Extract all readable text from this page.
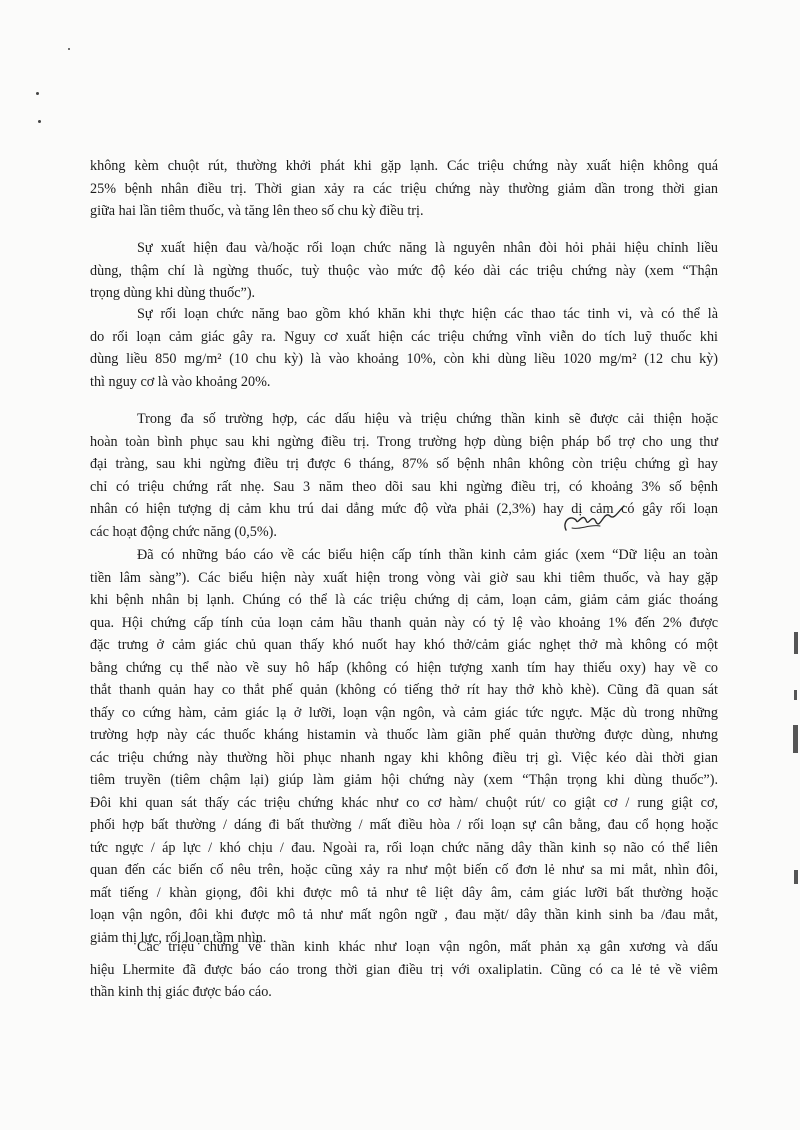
không kèm chuột rút, thường khởi phát khi gặp lạnh. Các triệu chứng này xuất hiện không quá
25% bệnh nhân điều trị. Thời gian xảy ra các triệu chứng này thường giảm dần trong thời gian
giữa hai lần tiêm thuốc, và tăng lên theo số chu kỳ điều trị.
Sự xuất hiện đau và/hoặc rối loạn chức năng là nguyên nhân đòi hỏi phải hiệu chỉnh liều
dùng, thậm chí là ngừng thuốc, tuỳ thuộc vào mức độ kéo dài các triệu chứng này (xem “Thận
trọng dùng khi dùng thuốc”).
Sự rối loạn chức năng bao gồm khó khăn khi thực hiện các thao tác tinh vi, và có thể là
do rối loạn cảm giác gây ra. Nguy cơ xuất hiện các triệu chứng vĩnh viễn do tích luỹ thuốc khi
dùng liều 850 mg/m² (10 chu kỳ) là vào khoảng 10%, còn khi dùng liều 1020 mg/m² (12 chu kỳ)
thì nguy cơ là vào khoảng 20%.
Trong đa số trường hợp, các dấu hiệu và triệu chứng thần kinh sẽ được cải thiện hoặc
hoàn toàn bình phục sau khi ngừng điều trị. Trong trường hợp dùng biện pháp bổ trợ cho ung thư
đại tràng, sau khi ngừng điều trị được 6 tháng, 87% số bệnh nhân không còn triệu chứng gì hay
chỉ có triệu chứng rất nhẹ. Sau 3 năm theo dõi sau khi ngừng điều trị, có khoảng 3% số bệnh
nhân có hiện tượng dị cảm khu trú dai dẳng mức độ vừa phải (2,3%) hay dị cảm có gây rối loạn
các hoạt động chức năng (0,5%).
Đã có những báo cáo về các biểu hiện cấp tính thần kinh cảm giác (xem “Dữ liệu an toàn
tiền lâm sàng”). Các biểu hiện này xuất hiện trong vòng vài giờ sau khi tiêm thuốc, và hay gặp
khi bệnh nhân bị lạnh. Chúng có thể là các triệu chứng dị cảm, loạn cảm, giảm cảm giác thoáng
qua. Hội chứng cấp tính của loạn cảm hầu thanh quản này có tỷ lệ vào khoảng 1% đến 2% được
đặc trưng ở cảm giác chủ quan thấy khó nuốt hay khó thở/cảm giác nghẹt thở mà không có một
bằng chứng cụ thể nào về suy hô hấp (không có hiện tượng xanh tím hay thiếu oxy) hay về co
thắt thanh quản hay co thắt phế quản (không có tiếng thở rít hay thở khò khè). Cũng đã quan sát
thấy co cứng hàm, cảm giác lạ ở lưỡi, loạn vận ngôn, và cảm giác tức ngực. Mặc dù trong những
trường hợp này các thuốc kháng histamin và thuốc làm giãn phế quản thường được dùng, nhưng
các triệu chứng này thường hồi phục nhanh ngay khi không điều trị gì. Việc kéo dài thời gian
tiêm truyền (tiêm chậm lại) giúp làm giảm hội chứng này (xem “Thận trọng khi dùng thuốc”).
Đôi khi quan sát thấy các triệu chứng khác như co cơ hàm/ chuột rút/ co giật cơ / rung giật cơ,
phối hợp bất thường / dáng đi bất thường / mất điều hòa / rối loạn sự cân bằng, đau cổ họng hoặc
tức ngực / áp lực / khó chịu / đau. Ngoài ra, rối loạn chức năng dây thần kinh sọ não có thể liên
quan đến các biến cố nêu trên, hoặc cũng xảy ra như một biến cố đơn lẻ như sa mi mắt, nhìn đôi,
mất tiếng / khàn giọng, đôi khi được mô tả như tê liệt dây âm, cảm giác lưỡi bất thường hoặc
loạn vận ngôn, đôi khi được mô tả như mất ngôn ngữ , đau mặt/ dây thần kinh sinh ba /đau mắt,
giảm thị lực, rối loạn tầm nhìn.
Các triệu chứng về thần kinh khác như loạn vận ngôn, mất phản xạ gân xương và dấu
hiệu Lhermite đã được báo cáo trong thời gian điều trị với oxaliplatin. Cũng có ca lẻ tẻ về viêm
thần kinh thị giác được báo cáo.
